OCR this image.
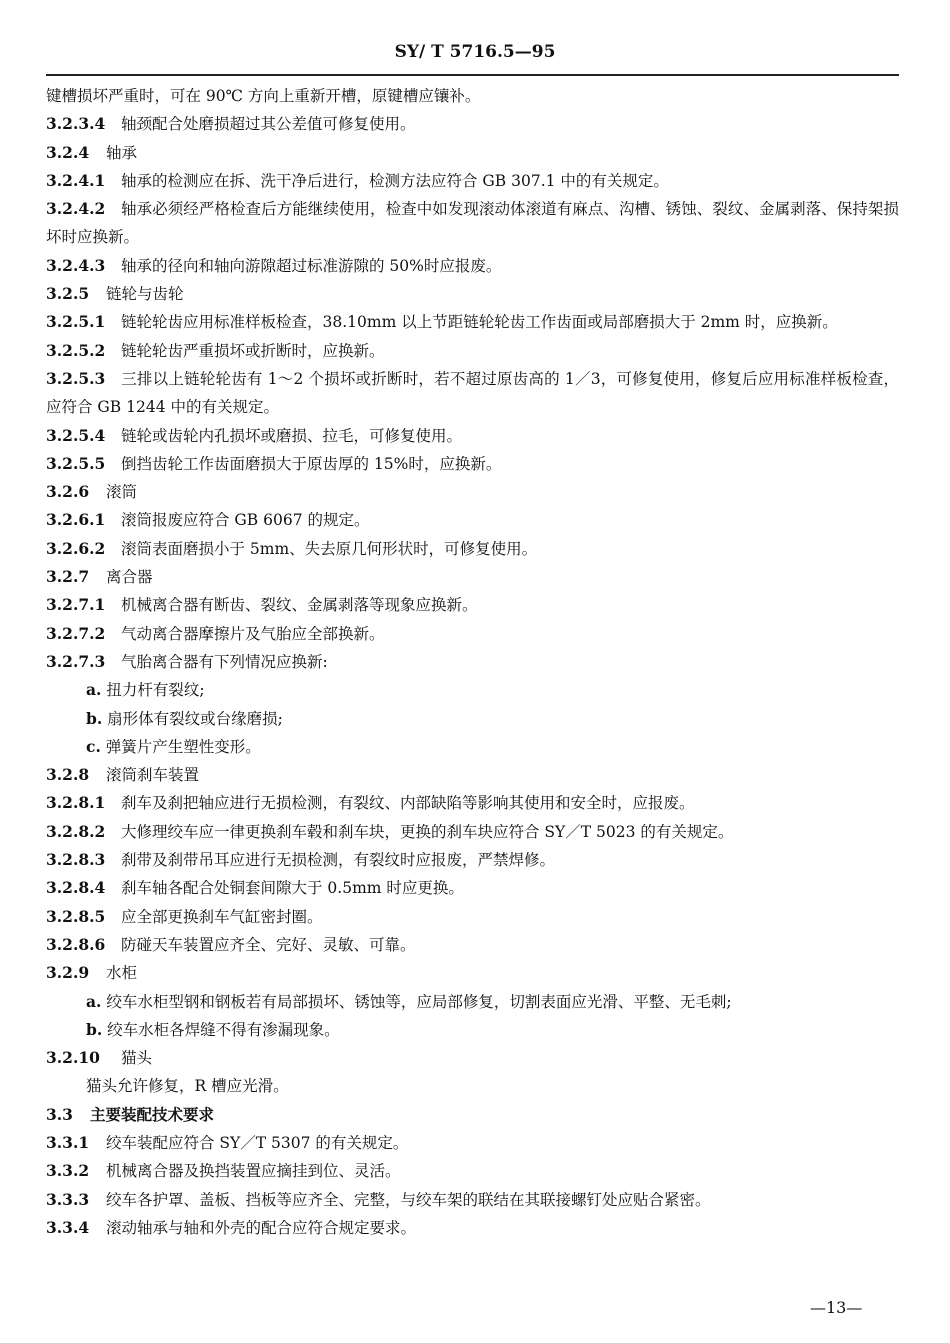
SY/ T 5716.5—95
键槽损坏严重时，可在 90℃ 方向上重新开槽，原键槽应镶补。
3.2.3.4 轴颈配合处磨损超过其公差值可修复使用。
3.2.4 轴承
3.2.4.1 轴承的检测应在拆、洗干净后进行，检测方法应符合 GB 307.1 中的有关规定。
3.2.4.2 轴承必须经严格检查后方能继续使用，检查中如发现滚动体滚道有麻点、沟槽、锈蚀、裂纹、金属剥落、保持架损坏时应换新。
3.2.4.3 轴承的径向和轴向游隙超过标准游隙的 50%时应报废。
3.2.5 链轮与齿轮
3.2.5.1 链轮轮齿应用标准样板检查，38.10mm 以上节距链轮轮齿工作齿面或局部磨损大于 2mm 时，应换新。
3.2.5.2 链轮轮齿严重损坏或折断时，应换新。
3.2.5.3 三排以上链轮轮齿有 1～2 个损坏或折断时，若不超过原齿高的 1／3，可修复使用，修复后应用标准样板检查，应符合 GB 1244 中的有关规定。
3.2.5.4 链轮或齿轮内孔损坏或磨损、拉毛，可修复使用。
3.2.5.5 倒挡齿轮工作齿面磨损大于原齿厚的 15%时，应换新。
3.2.6 滚筒
3.2.6.1 滚筒报废应符合 GB 6067 的规定。
3.2.6.2 滚筒表面磨损小于 5mm、失去原几何形状时，可修复使用。
3.2.7 离合器
3.2.7.1 机械离合器有断齿、裂纹、金属剥落等现象应换新。
3.2.7.2 气动离合器摩擦片及气胎应全部换新。
3.2.7.3 气胎离合器有下列情况应换新:
a. 扭力杆有裂纹;
b. 扇形体有裂纹或台缘磨损;
c. 弹簧片产生塑性变形。
3.2.8 滚筒刹车装置
3.2.8.1 刹车及刹把轴应进行无损检测，有裂纹、内部缺陷等影响其使用和安全时，应报废。
3.2.8.2 大修理绞车应一律更换刹车毂和刹车块，更换的刹车块应符合 SY／T 5023 的有关规定。
3.2.8.3 刹带及刹带吊耳应进行无损检测，有裂纹时应报废，严禁焊修。
3.2.8.4 刹车轴各配合处铜套间隙大于 0.5mm 时应更换。
3.2.8.5 应全部更换刹车气缸密封圈。
3.2.8.6 防碰天车装置应齐全、完好、灵敏、可靠。
3.2.9 水柜
a. 绞车水柜型钢和钢板若有局部损坏、锈蚀等，应局部修复，切割表面应光滑、平整、无毛刺;
b. 绞车水柜各焊缝不得有渗漏现象。
3.2.10 猫头
猫头允许修复，R 槽应光滑。
3.3 主要装配技术要求
3.3.1 绞车装配应符合 SY／T 5307 的有关规定。
3.3.2 机械离合器及换挡装置应摘挂到位、灵活。
3.3.3 绞车各护罩、盖板、挡板等应齐全、完整，与绞车架的联结在其联接螺钉处应贴合紧密。
3.3.4 滚动轴承与轴和外壳的配合应符合规定要求。
—13—
